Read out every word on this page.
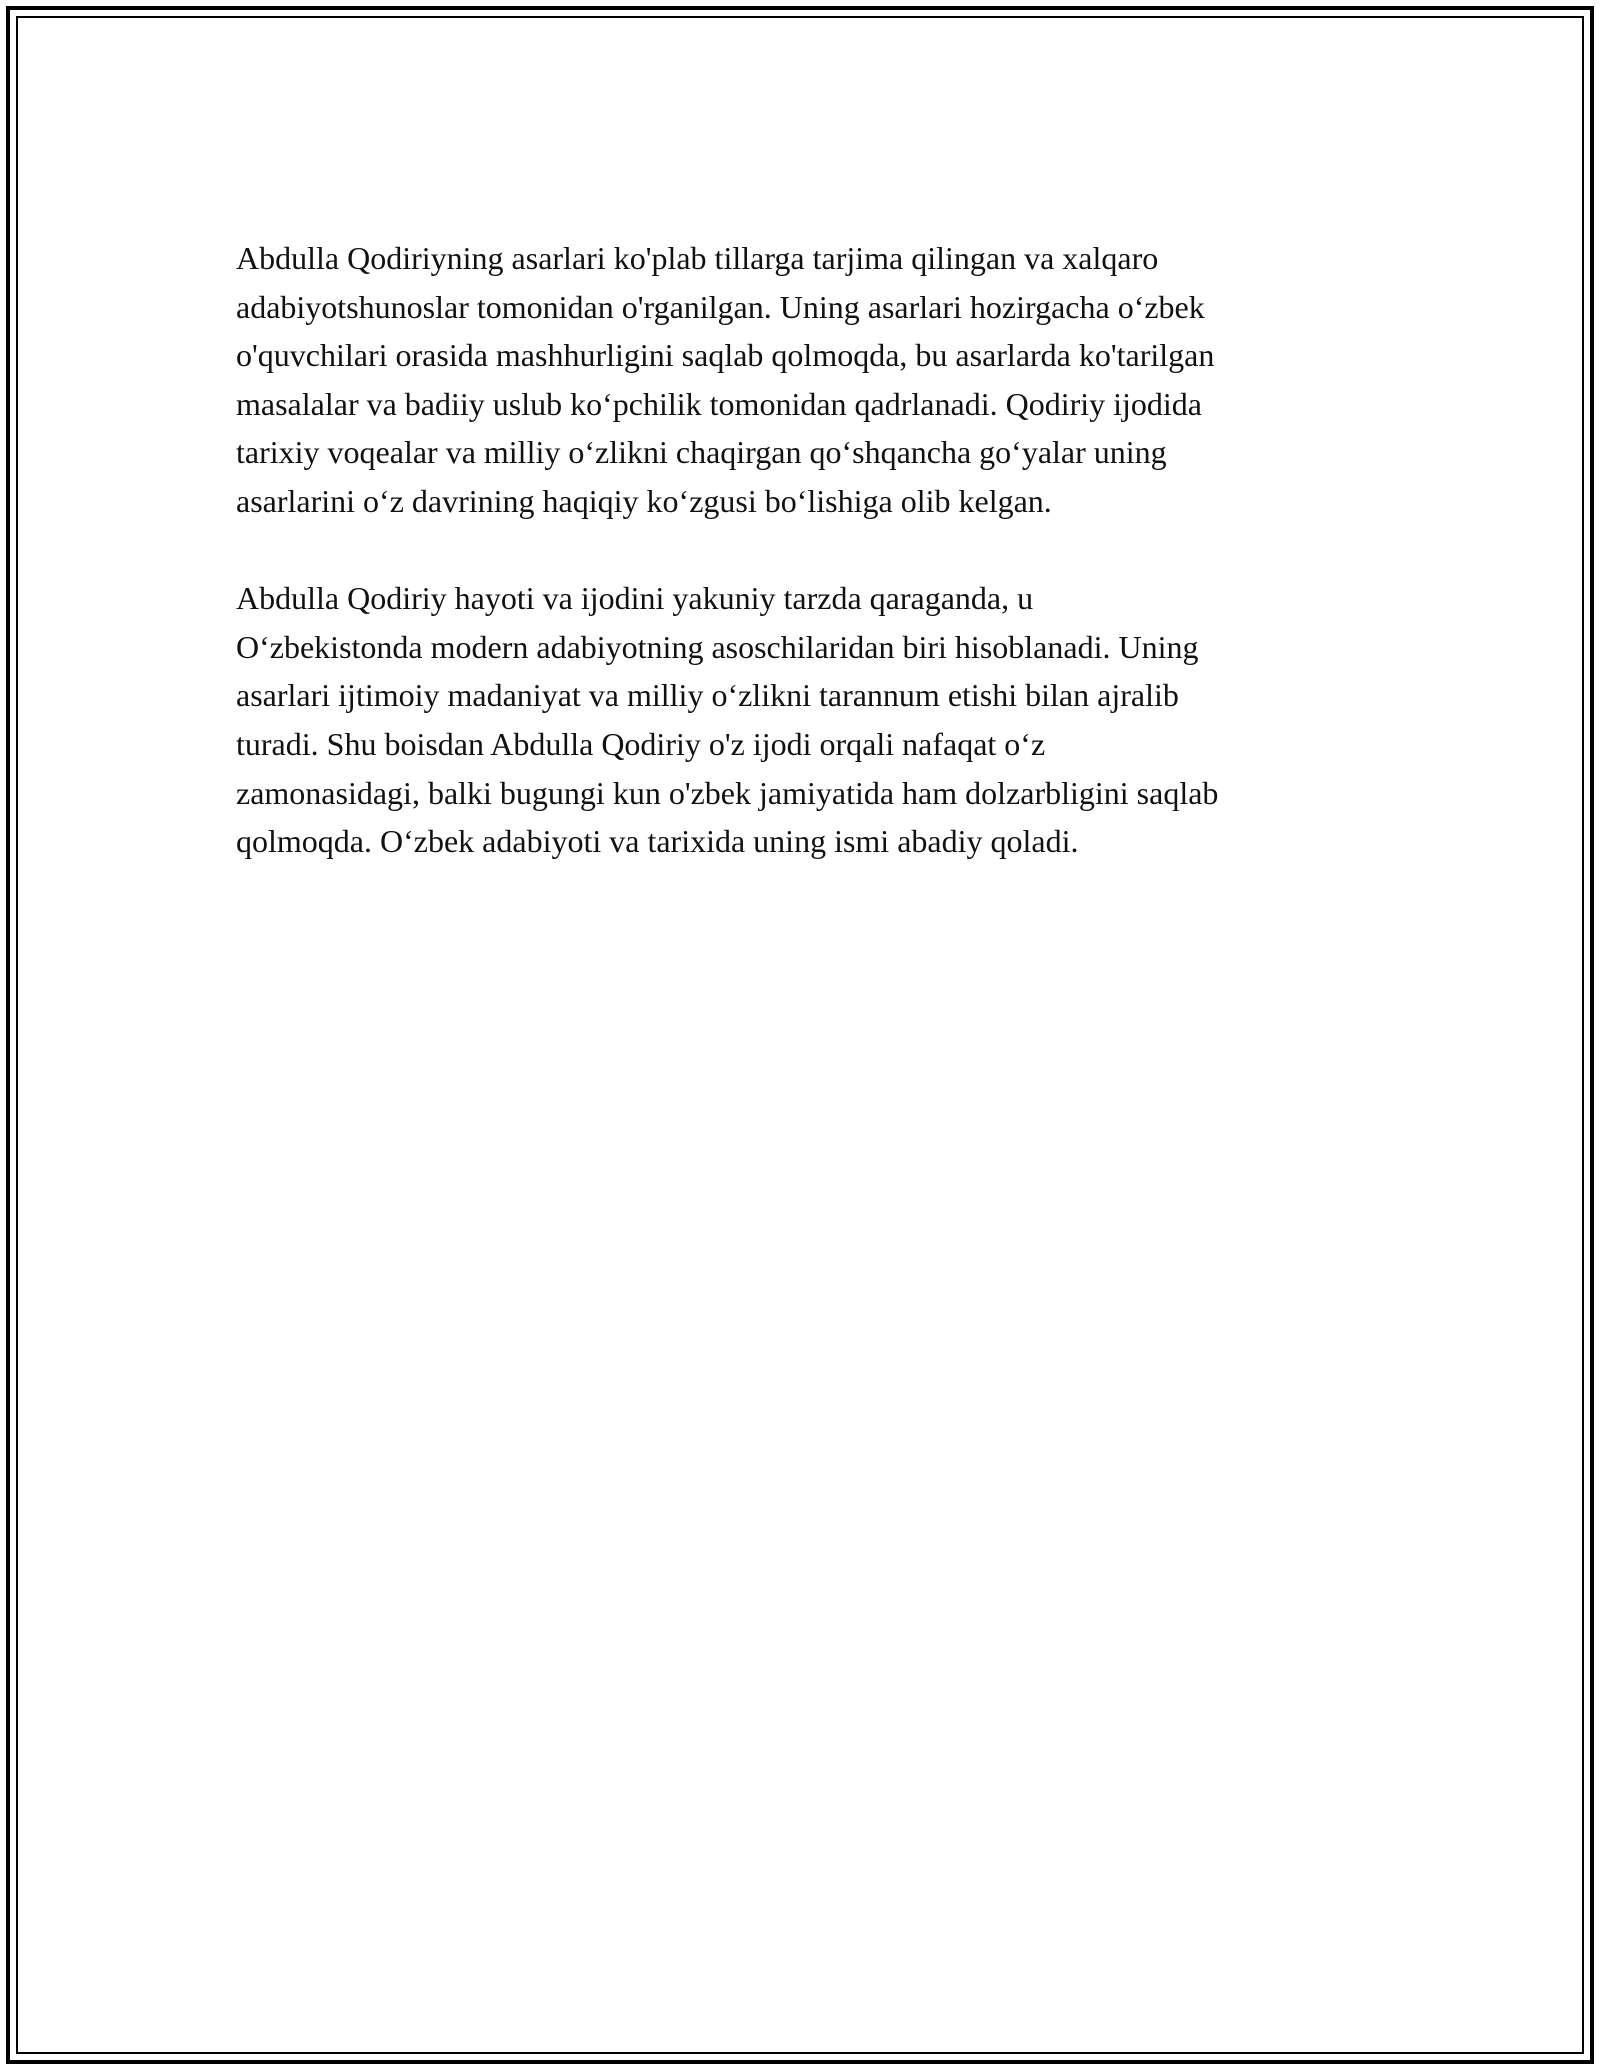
Abdulla Qodiriyning asarlari ko'plab tillarga tarjima qilingan va xalqaro
adabiyotshunoslar tomonidan o'rganilgan. Uning asarlari hozirgacha o‘zbek
o'quvchilari orasida mashhurligini saqlab qolmoqda, bu asarlarda ko'tarilgan
masalalar va badiiy uslub ko‘pchilik tomonidan qadrlanadi. Qodiriy ijodida
tarixiy voqealar va milliy o‘zlikni chaqirgan qo‘shqancha go‘yalar uning
asarlarini o‘z davrining haqiqiy ko‘zgusi bo‘lishiga olib kelgan.

Abdulla Qodiriy hayoti va ijodini yakuniy tarzda qaraganda, u
O‘zbekistonda modern adabiyotning asoschilaridan biri hisoblanadi. Uning
asarlari ijtimoiy madaniyat va milliy o‘zlikni tarannum etishi bilan ajralib
turadi. Shu boisdan Abdulla Qodiriy o'z ijodi orqali nafaqat o‘z
zamonasidagi, balki bugungi kun o'zbek jamiyatida ham dolzarbligini saqlab
qolmoqda. O‘zbek adabiyoti va tarixida uning ismi abadiy qoladi.
